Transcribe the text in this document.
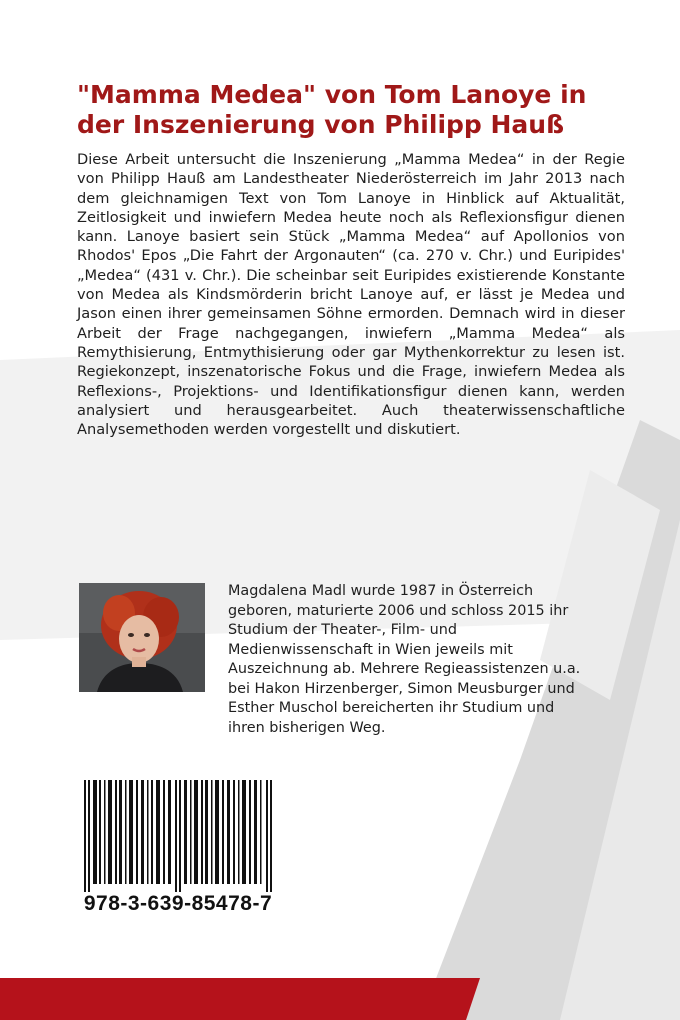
"Mamma Medea" von Tom Lanoye in
der Inszenierung von Philipp Hauß

Diese Arbeit untersucht die Inszenierung „Mamma Medea“ in der Regie von Philipp Hauß am Landestheater Niederösterreich im Jahr 2013 nach dem gleichnamigen Text von Tom Lanoye in Hinblick auf Aktualität, Zeitlosigkeit und inwiefern Medea heute noch als Reflexionsfigur dienen kann. Lanoye basiert sein Stück „Mamma Medea“ auf Apollonios von Rhodos' Epos „Die Fahrt der Argonauten“ (ca. 270 v. Chr.) und Euripides' „Medea“ (431 v. Chr.). Die scheinbar seit Euripides existierende Konstante von Medea als Kindsmörderin bricht Lanoye auf, er lässt je Medea und Jason einen ihrer gemeinsamen Söhne ermorden. Demnach wird in dieser Arbeit der Frage nachgegangen, inwiefern „Mamma Medea“ als Remythisierung, Entmythisierung oder gar Mythenkorrektur zu lesen ist. Regiekonzept, inszenatorische Fokus und die Frage, inwiefern Medea als Reflexions-, Projektions- und Identifikationsfigur dienen kann, werden analysiert und herausgearbeitet. Auch theaterwissenschaftliche Analysemethoden werden vorgestellt und diskutiert.

Magdalena Madl wurde 1987 in Österreich geboren, maturierte 2006 und schloss 2015 ihr Studium der Theater-, Film- und Medienwissenschaft in Wien jeweils mit Auszeichnung ab. Mehrere Regieassistenzen u.a. bei Hakon Hirzenberger, Simon Meusburger und Esther Muschol bereicherten ihr Studium und ihren bisherigen Weg.

978-3-639-85478-7
